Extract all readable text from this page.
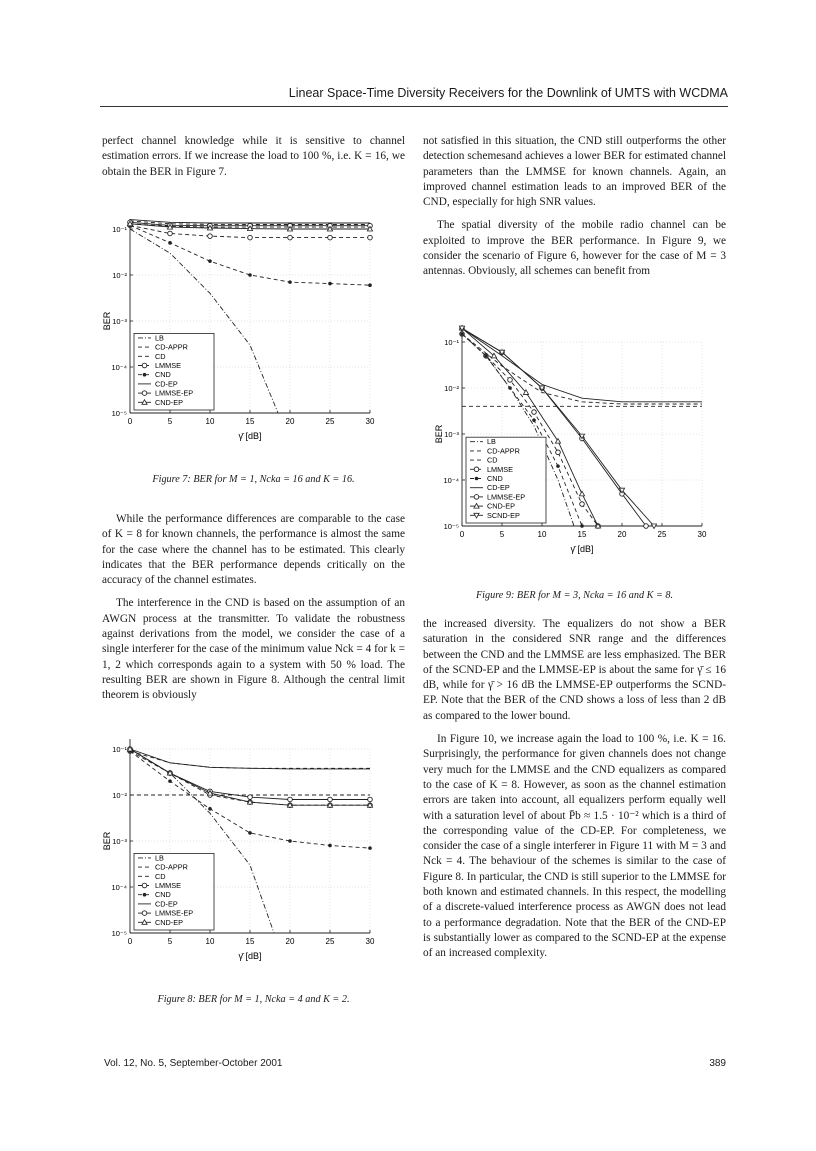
Linear Space-Time Diversity Receivers for the Downlink of UMTS with WCDMA

perfect channel knowledge while it is sensitive to channel estimation errors. If we increase the load to 100 %, i.e. K = 16, we obtain the BER in Figure 7.

0	5	10	15	20	25	30
10⁻¹
10⁻²
10⁻³
10⁻⁴
10⁻⁵
γ̄ [dB]
BER
LB
CD-APPR
CD
LMMSE
CND
CD-EP
LMMSE-EP
CND-EP
Figure 7: BER for M = 1, Ncka = 16 and K = 16.

While the performance differences are comparable to the case of K = 8 for known channels, the performance is almost the same for the case where the channel has to be estimated. This clearly indicates that the BER performance depends critically on the accuracy of the channel estimates.

The interference in the CND is based on the assumption of an AWGN process at the transmitter. To validate the robustness against derivations from the model, we consider the case of a single interferer for the case of the minimum value Nck = 4 for k = 1, 2 which corresponds again to a system with 50 % load. The resulting BER are shown in Figure 8. Although the central limit theorem is obviously

0	5	10	15	20	25	30
10⁻¹
10⁻²
10⁻³
10⁻⁴
10⁻⁵
γ̄ [dB]
BER
LB
CD-APPR
CD
LMMSE
CND
CD-EP
LMMSE-EP
CND-EP
Figure 8: BER for M = 1, Ncka = 4 and K = 2.

not satisfied in this situation, the CND still outperforms the other detection schemesand achieves a lower BER for estimated channel parameters than the LMMSE for known channels. Again, an improved channel estimation leads to an improved BER of the CND, especially for high SNR values.

The spatial diversity of the mobile radio channel can be exploited to improve the BER performance. In Figure 9, we consider the scenario of Figure 6, however for the case of M = 3 antennas. Obviously, all schemes can benefit from

0	5	10	15	20	25	30
10⁻¹
10⁻²
10⁻³
10⁻⁴
10⁻⁵
γ̄ [dB]
BER	LB
CD-APPR
CD
LMMSE
CND
CD-EP
LMMSE-EP
CND-EP
SCND-EP
Figure 9: BER for M = 3, Ncka = 16 and K = 8.

the increased diversity. The equalizers do not show a BER saturation in the considered SNR range and the differences between the CND and the LMMSE are less emphasized. The BER of the SCND-EP and the LMMSE-EP is about the same for γ̄ ≤ 16 dB, while for γ̄ > 16 dB the LMMSE-EP outperforms the SCND-EP. Note that the BER of the CND shows a loss of less than 2 dB as compared to the lower bound.

In Figure 10, we increase again the load to 100 %, i.e. K = 16. Surprisingly, the performance for given channels does not change very much for the LMMSE and the CND equalizers as compared to the case of K = 8. However, as soon as the channel estimation errors are taken into account, all equalizers perform equally well with a saturation level of about P̄b ≈ 1.5 · 10⁻² which is a third of the corresponding value of the CD-EP. For completeness, we consider the case of a single interferer in Figure 11 with M = 3 and Nck = 4. The behaviour of the schemes is similar to the case of Figure 8. In particular, the CND is still superior to the LMMSE for both known and estimated channels. In this respect, the modelling of a discrete-valued interference process as AWGN does not lead to a performance degradation. Note that the BER of the CND-EP is substantially lower as compared to the SCND-EP at the expense of an increased complexity.

Vol. 12, No. 5, September-October 2001	389
